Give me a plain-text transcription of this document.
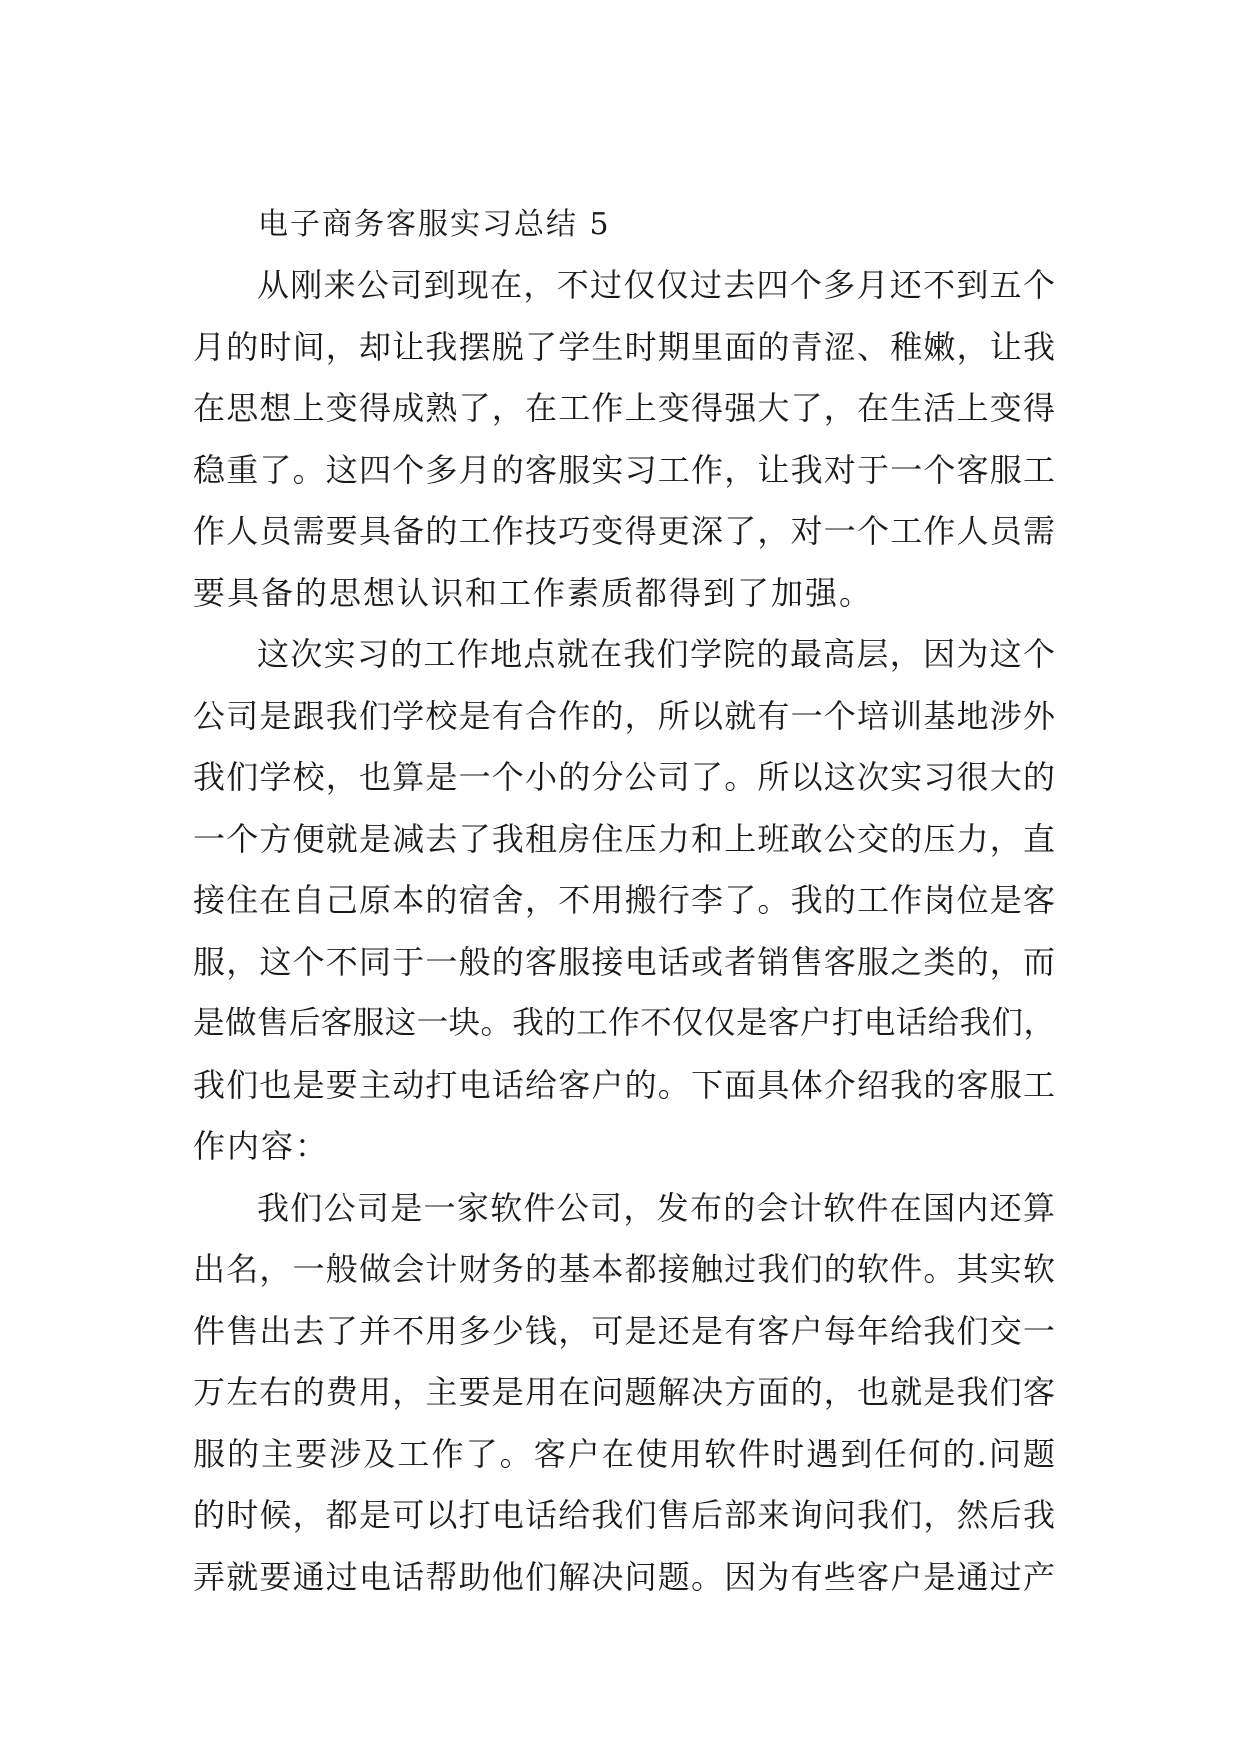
电子商务客服实习总结 5
从刚来公司到现在，不过仅仅过去四个多月还不到五个
月的时间，却让我摆脱了学生时期里面的青涩、稚嫩，让我
在思想上变得成熟了，在工作上变得强大了，在生活上变得
稳重了。这四个多月的客服实习工作，让我对于一个客服工
作人员需要具备的工作技巧变得更深了，对一个工作人员需
要具备的思想认识和工作素质都得到了加强。
这次实习的工作地点就在我们学院的最高层，因为这个
公司是跟我们学校是有合作的，所以就有一个培训基地涉外
我们学校，也算是一个小的分公司了。所以这次实习很大的
一个方便就是减去了我租房住压力和上班敢公交的压力，直
接住在自己原本的宿舍，不用搬行李了。我的工作岗位是客
服，这个不同于一般的客服接电话或者销售客服之类的，而
是做售后客服这一块。我的工作不仅仅是客户打电话给我们，
我们也是要主动打电话给客户的。下面具体介绍我的客服工
作内容：
我们公司是一家软件公司，发布的会计软件在国内还算
出名，一般做会计财务的基本都接触过我们的软件。其实软
件售出去了并不用多少钱，可是还是有客户每年给我们交一
万左右的费用，主要是用在问题解决方面的，也就是我们客
服的主要涉及工作了。客户在使用软件时遇到任何的.问题
的时候，都是可以打电话给我们售后部来询问我们，然后我
弄就要通过电话帮助他们解决问题。因为有些客户是通过产
